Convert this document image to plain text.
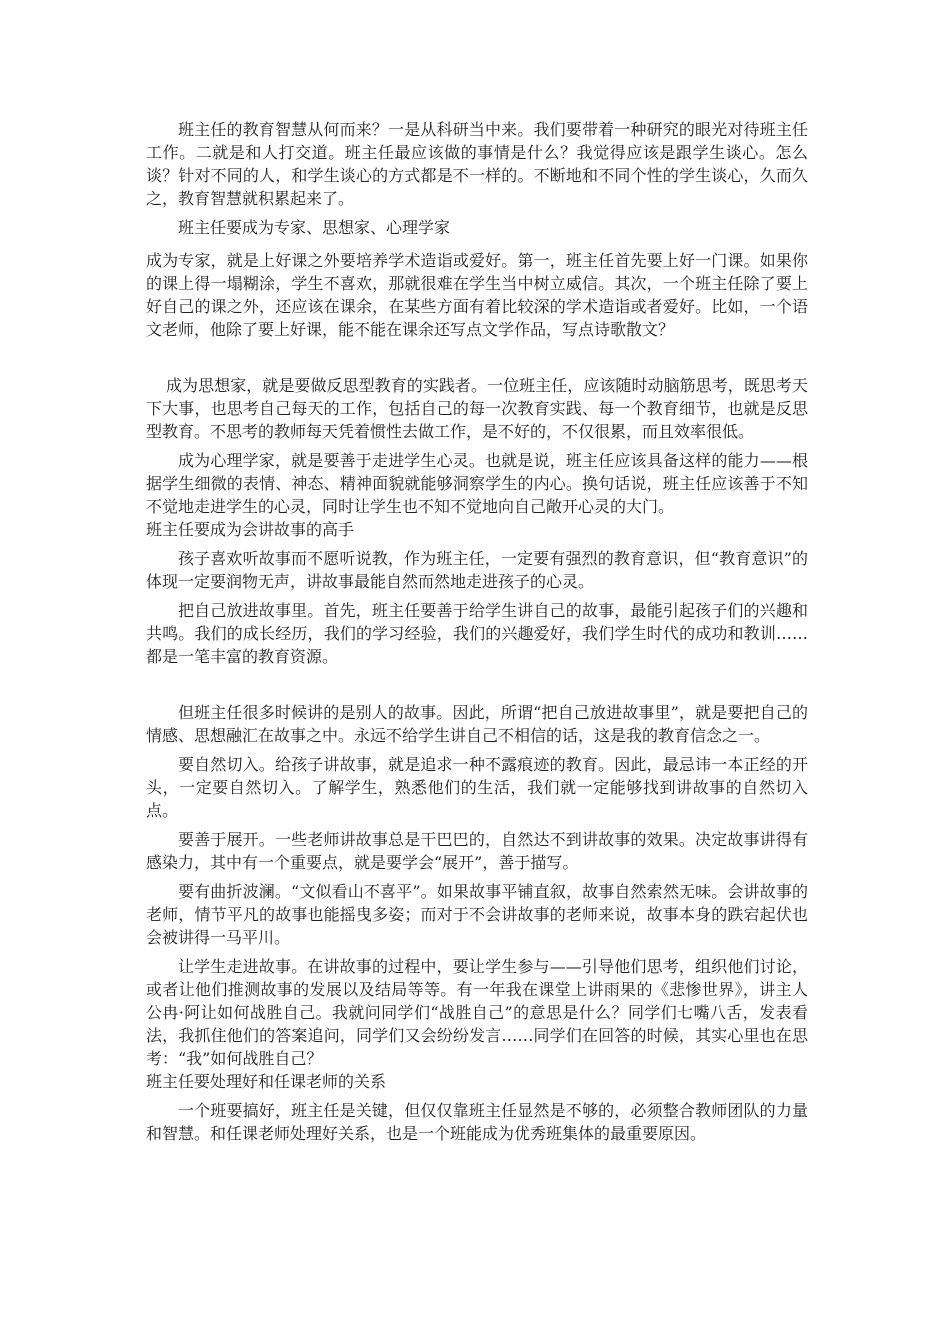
班主任的教育智慧从何而来？一是从科研当中来。我们要带着一种研究的眼光对待班主任工作。二就是和人打交道。班主任最应该做的事情是什么？我觉得应该是跟学生谈心。怎么谈？针对不同的人，和学生谈心的方式都是不一样的。不断地和不同个性的学生谈心，久而久之，教育智慧就积累起来了。

班主任要成为专家、思想家、心理学家

成为专家，就是上好课之外要培养学术造诣或爱好。第一，班主任首先要上好一门课。如果你的课上得一塌糊涂，学生不喜欢，那就很难在学生当中树立威信。其次，一个班主任除了要上好自己的课之外，还应该在课余，在某些方面有着比较深的学术造诣或者爱好。比如，一个语文老师，他除了要上好课，能不能在课余还写点文学作品，写点诗歌散文？

成为思想家，就是要做反思型教育的实践者。一位班主任，应该随时动脑筋思考，既思考天下大事，也思考自己每天的工作，包括自己的每一次教育实践、每一个教育细节，也就是反思型教育。不思考的教师每天凭着惯性去做工作，是不好的，不仅很累，而且效率很低。

成为心理学家，就是要善于走进学生心灵。也就是说，班主任应该具备这样的能力——根据学生细微的表情、神态、精神面貌就能够洞察学生的内心。换句话说，班主任应该善于不知不觉地走进学生的心灵，同时让学生也不知不觉地向自己敞开心灵的大门。

班主任要成为会讲故事的高手

孩子喜欢听故事而不愿听说教，作为班主任，一定要有强烈的教育意识，但“教育意识”的体现一定要润物无声，讲故事最能自然而然地走进孩子的心灵。

把自己放进故事里。首先，班主任要善于给学生讲自己的故事，最能引起孩子们的兴趣和共鸣。我们的成长经历，我们的学习经验，我们的兴趣爱好，我们学生时代的成功和教训……都是一笔丰富的教育资源。

但班主任很多时候讲的是别人的故事。因此，所谓“把自己放进故事里”，就是要把自己的情感、思想融汇在故事之中。永远不给学生讲自己不相信的话，这是我的教育信念之一。

要自然切入。给孩子讲故事，就是追求一种不露痕迹的教育。因此，最忌讳一本正经的开头，一定要自然切入。了解学生，熟悉他们的生活，我们就一定能够找到讲故事的自然切入点。

要善于展开。一些老师讲故事总是干巴巴的，自然达不到讲故事的效果。决定故事讲得有感染力，其中有一个重要点，就是要学会“展开”，善于描写。

要有曲折波澜。“文似看山不喜平”。如果故事平铺直叙，故事自然索然无味。会讲故事的老师，情节平凡的故事也能摇曳多姿；而对于不会讲故事的老师来说，故事本身的跌宕起伏也会被讲得一马平川。

让学生走进故事。在讲故事的过程中，要让学生参与——引导他们思考，组织他们讨论，或者让他们推测故事的发展以及结局等等。有一年我在课堂上讲雨果的《悲惨世界》，讲主人公冉·阿让如何战胜自己。我就问同学们“战胜自己”的意思是什么？同学们七嘴八舌，发表看法，我抓住他们的答案追问，同学们又会纷纷发言……同学们在回答的时候，其实心里也在思考：“我”如何战胜自己？

班主任要处理好和任课老师的关系

一个班要搞好，班主任是关键，但仅仅靠班主任显然是不够的，必须整合教师团队的力量和智慧。和任课老师处理好关系，也是一个班能成为优秀班集体的最重要原因。
